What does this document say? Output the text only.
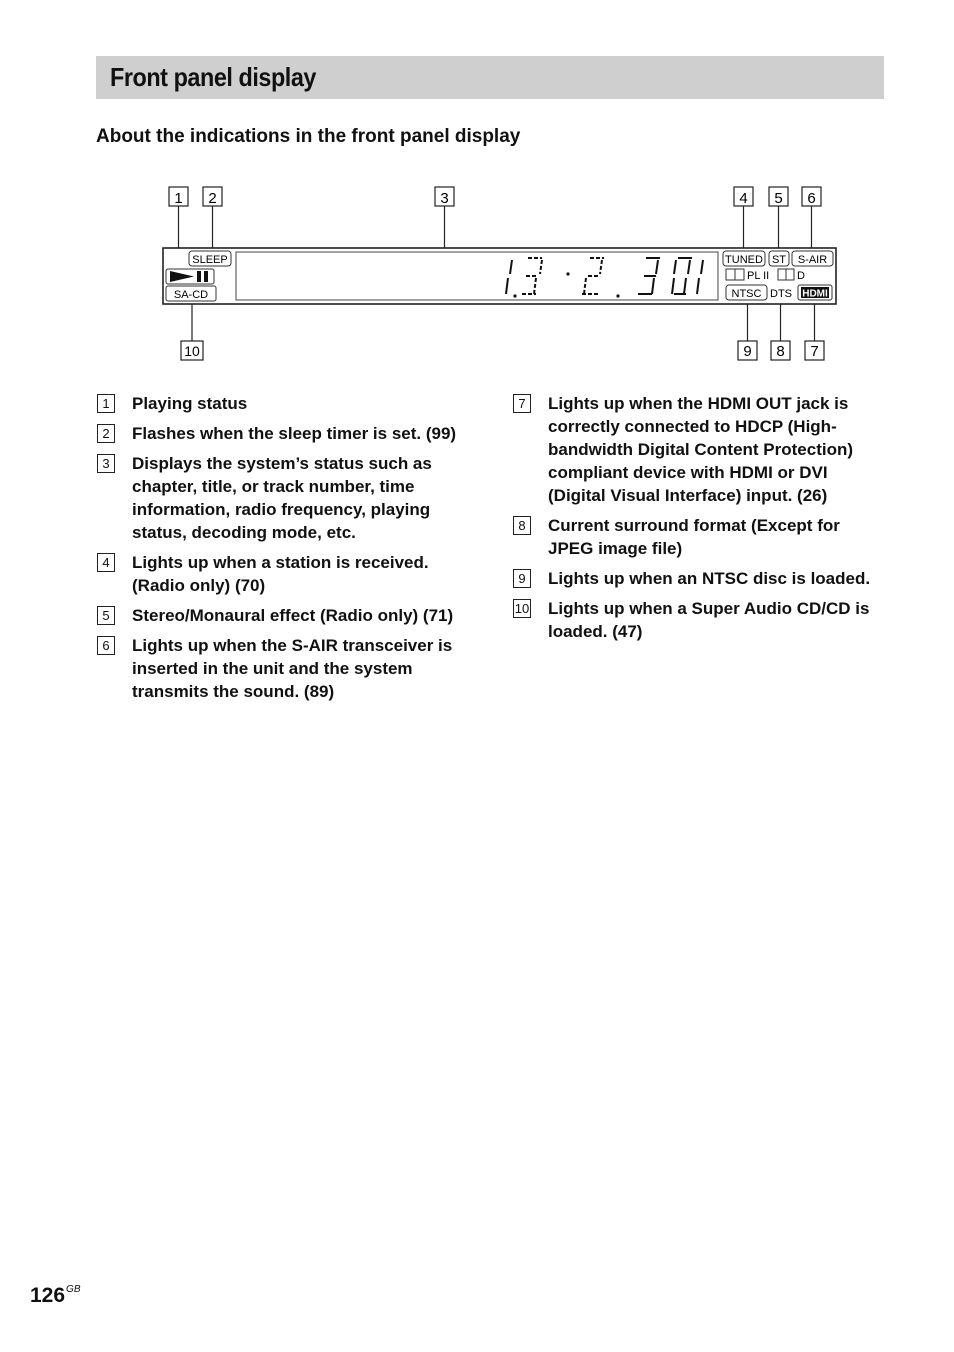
Front panel display
About the indications in the front panel display
1 2	3	4 5 6
10	9 8 7
SLEEP
SA-CD
TUNED ST S-AIR
PL II	D
NTSC DTS HDMI
1	Playing status
2	Flashes when the sleep timer is set. (99)
3	Displays the system’s status such as chapter, title, or track number, time information, radio frequency, playing status, decoding mode, etc.
4	Lights up when a station is received. (Radio only) (70)
5	Stereo/Monaural effect (Radio only) (71)
6	Lights up when the S-AIR transceiver is inserted in the unit and the system transmits the sound. (89)
7	Lights up when the HDMI OUT jack is correctly connected to HDCP (High-bandwidth Digital Content Protection) compliant device with HDMI or DVI (Digital Visual Interface) input. (26)
8	Current surround format (Except for JPEG image file)
9	Lights up when an NTSC disc is loaded.
10 Lights up when a Super Audio CD/CD is loaded. (47)
$126^{GB}$
